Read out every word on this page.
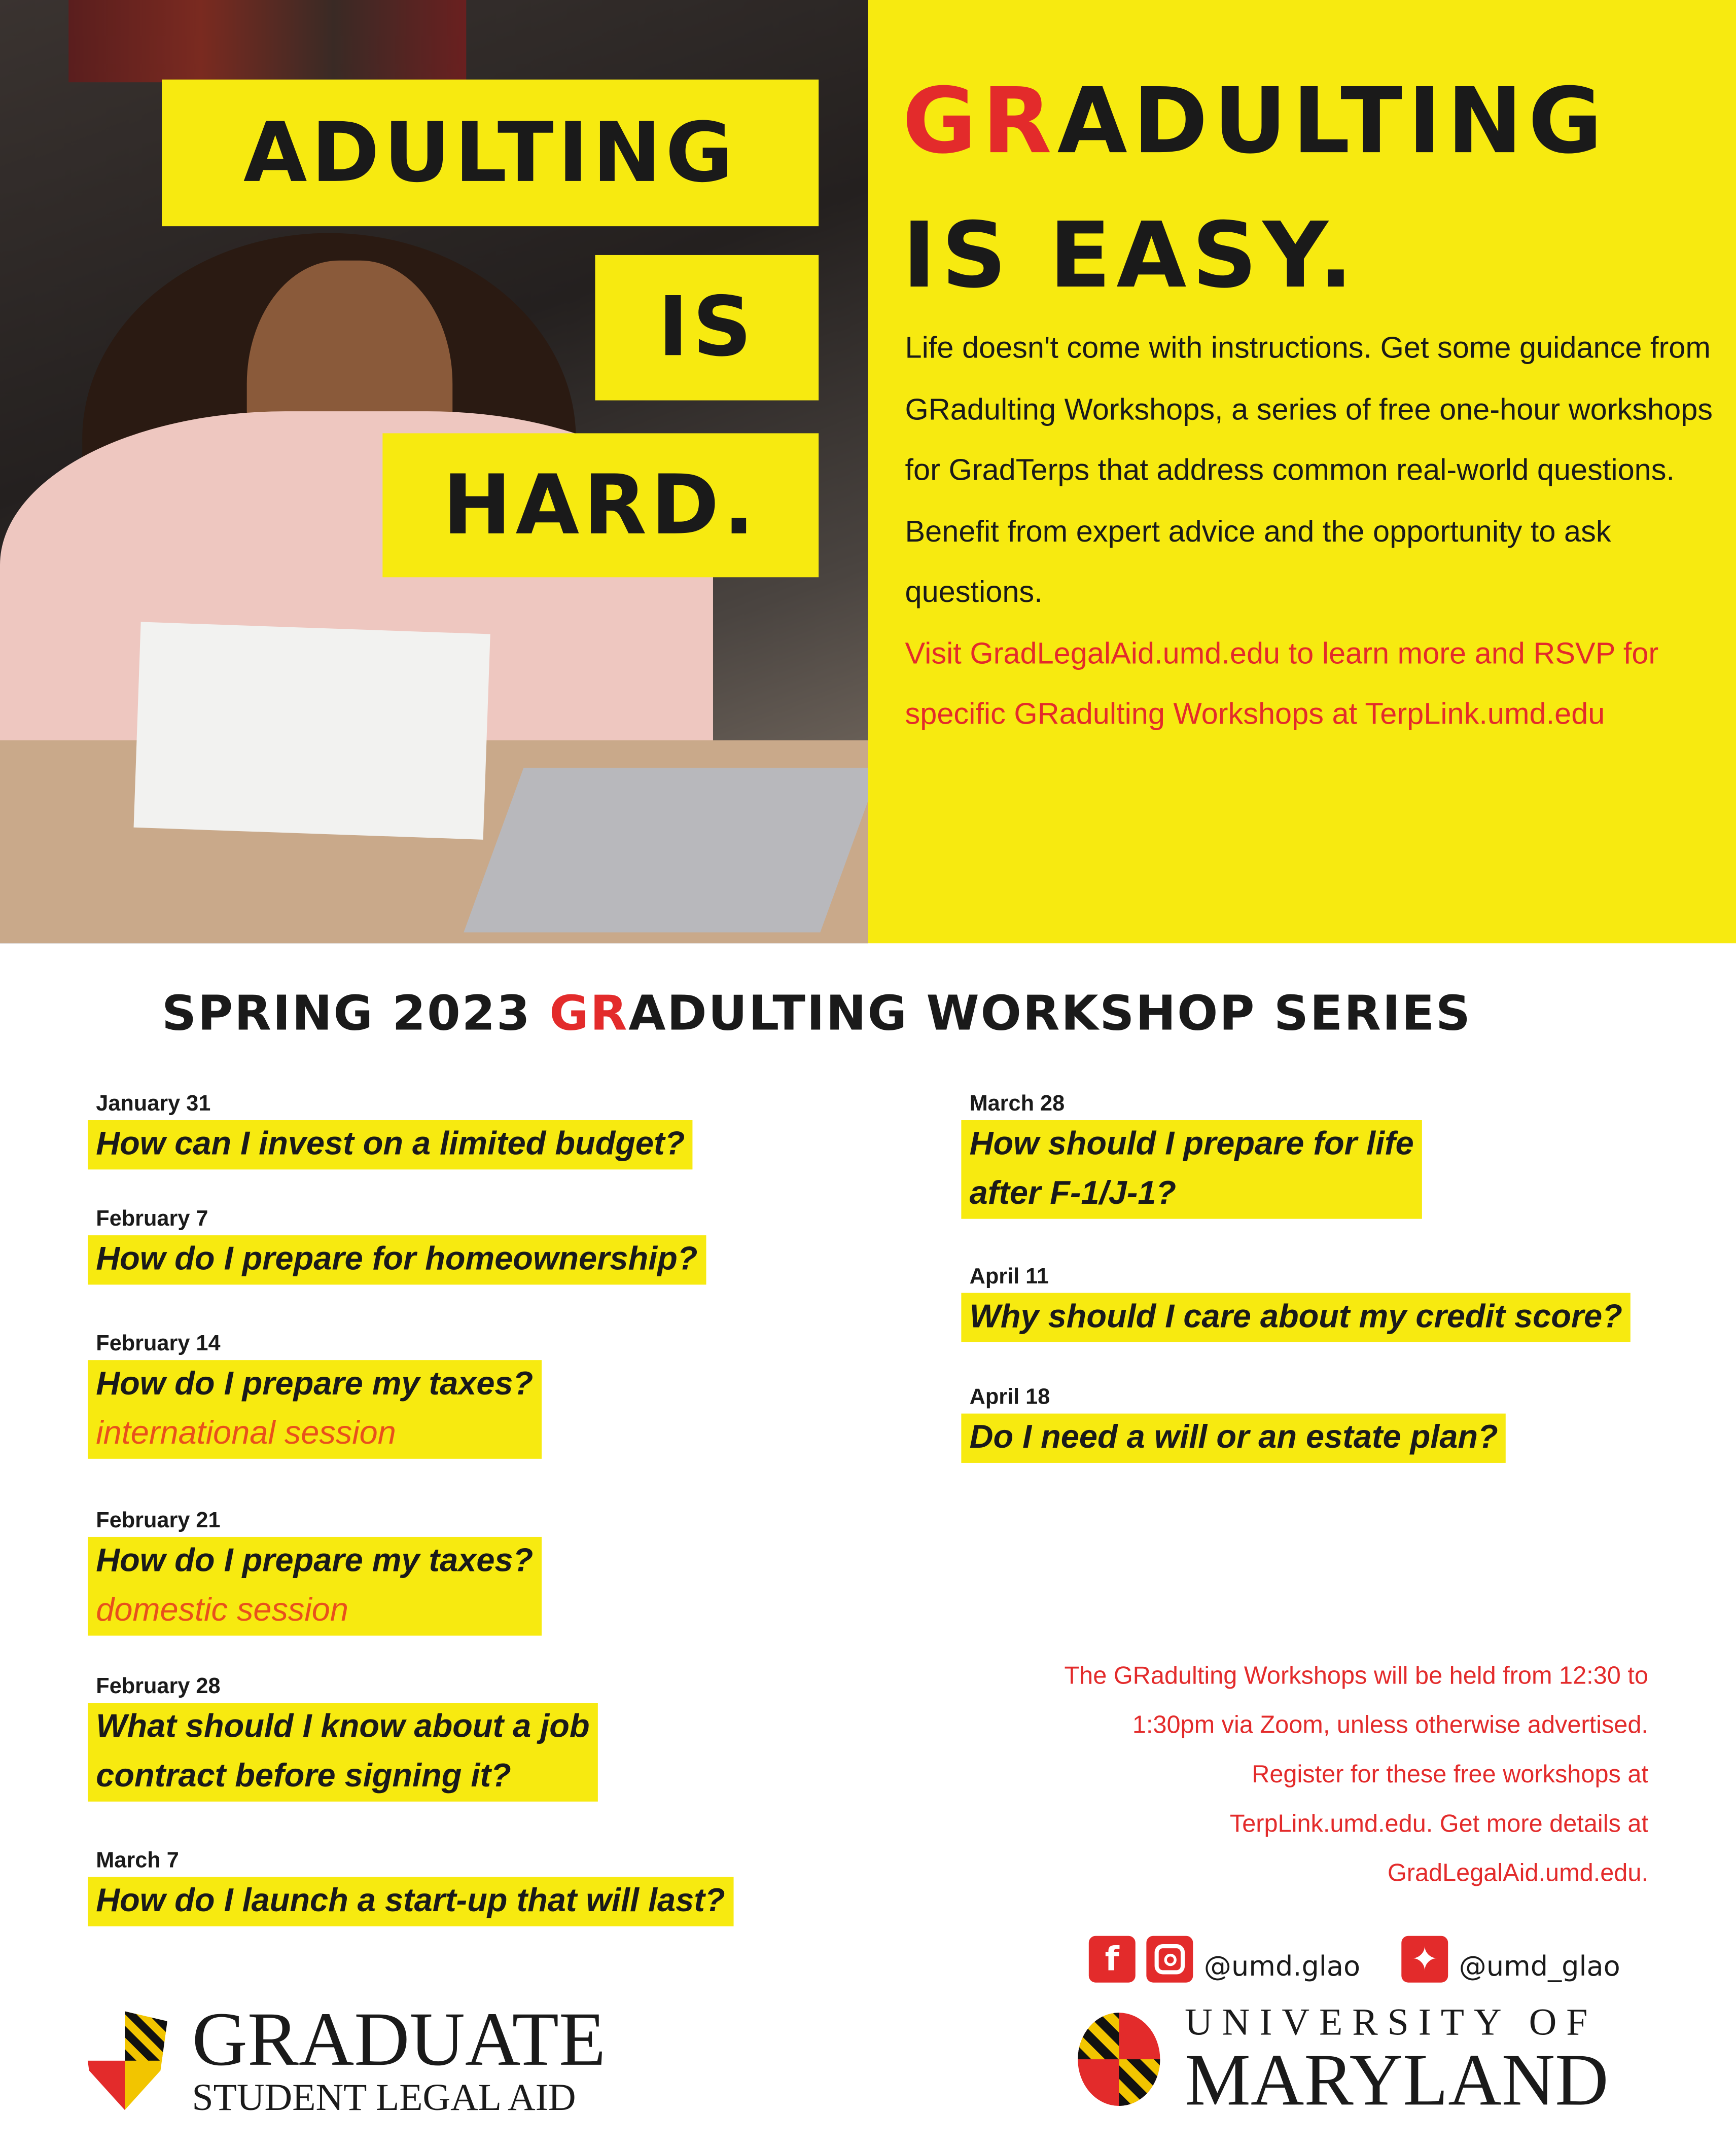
ADULTING
IS
HARD.
GRADULTING
IS EASY.
Life doesn't come with instructions. Get some guidance from GRadulting Workshops, a series of free one-hour workshops for GradTerps that address common real-world questions. Benefit from expert advice and the opportunity to ask questions.
Visit GradLegalAid.umd.edu to learn more and RSVP for specific GRadulting Workshops at TerpLink.umd.edu
SPRING 2023 GRADULTING WORKSHOP SERIES
January 31
How can I invest on a limited budget?
February 7
How do I prepare for homeownership?
February 14
How do I prepare my taxes?
international session
February 21
How do I prepare my taxes?
domestic session
February 28
What should I know about a job
contract before signing it?
March 7
How do I launch a start-up that will last?
March 28
How should I prepare for life
after F-1/J-1?
April 11
Why should I care about my credit score?
April 18
Do I need a will or an estate plan?
The GRadulting Workshops will be held from 12:30 to
1:30pm via Zoom, unless otherwise advertised.
Register for these free workshops at
TerpLink.umd.edu. Get more details at
GradLegalAid.umd.edu.
f	@umd.glao	✦	@umd_glao
GRADUATE
STUDENT LEGAL AID
UNIVERSITY OF
MARYLAND
